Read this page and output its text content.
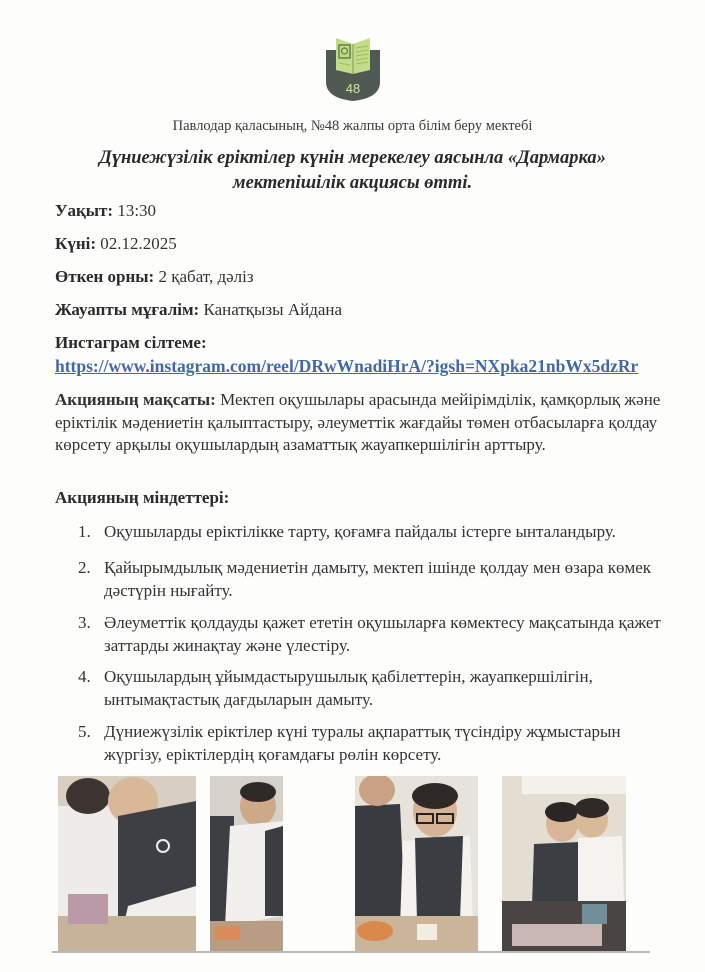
48
Павлодар қаласының, №48 жалпы орта білім беру мектебі
Дүниежүзілік еріктілер күнін мерекелеу аясынла «Дармарка»
мектепішілік акциясы өтті.
Уақыт: 13:30
Күні: 02.12.2025
Өткен орны: 2 қабат, дәліз
Жауапты мұғалім: Канатқызы Айдана
Инстаграм сілтеме:
https://www.instagram.com/reel/DRwWnadiHrA/?igsh=NXpka21nbWx5dzRr
Акцияның мақсаты: Мектеп оқушылары арасында мейірімділік, қамқорлық және еріктілік мәдениетін қалыптастыру, әлеуметтік жағдайы төмен отбасыларға қолдау көрсету арқылы оқушылардың азаматтық жауапкершілігін арттыру.
Акцияның міндеттері:
1. Оқушыларды еріктілікке тарту, қоғамға пайдалы істерге ынталандыру.
2. Қайырымдылық мәдениетін дамыту, мектеп ішінде қолдау мен өзара көмек дәстүрін нығайту.
3. Әлеуметтік қолдауды қажет ететін оқушыларға көмектесу мақсатында қажет заттарды жинақтау және үлестіру.
4. Оқушылардың ұйымдастырушылық қабілеттерін, жауапкершілігін, ынтымақтастық дағдыларын дамыту.
5. Дүниежүзілік еріктілер күні туралы ақпараттық түсіндіру жұмыстарын жүргізу, еріктілердің қоғамдағы рөлін көрсету.
